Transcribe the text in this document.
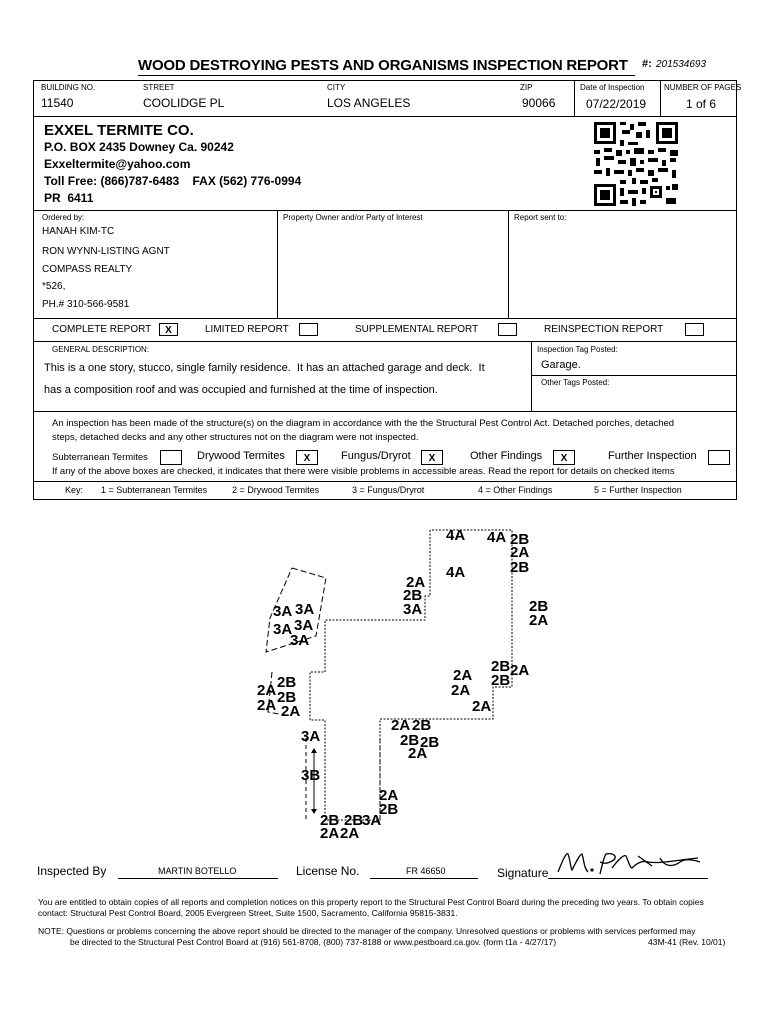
WOOD DESTROYING PESTS AND ORGANISMS INSPECTION REPORT #: 201534693
BUILDING NO.
11540
STREET
COOLIDGE PL
CITY
LOS ANGELES
ZIP
90066
Date of Inspection
07/22/2019
NUMBER OF PAGES
1 of 6
EXXEL TERMITE CO.
P.O. BOX 2435 Downey Ca. 90242
Exxeltermite@yahoo.com
Toll Free: (866)787-6483    FAX (562) 776-0994
PR  6411
Ordered by:
HANAH KIM-TC
RON WYNN-LISTING AGNT
COMPASS REALTY
*526,
PH.# 310-566-9581
Property Owner and/or Party of Interest	Report sent to:
COMPLETE REPORT	X	LIMITED REPORT	SUPPLEMENTAL REPORT	REINSPECTION REPORT
GENERAL DESCRIPTION:
This is a one story, stucco, single family residence.  It has an attached garage and deck.  It
has a composition roof and was occupied and furnished at the time of inspection.
Inspection Tag Posted:
Garage.
Other Tags Posted:
An inspection has been made of the structure(s) on the diagram in accordance with the the Structural Pest Control Act. Detached porches, detached
steps, detached decks and any other structures not on the diagram were not inspected.
Subterranean Termites	Drywood Termites	X	Fungus/Dryrot	X	Other Findings	X	Further Inspection
If any of the above boxes are checked, it indicates that there were visible problems in accessible areas. Read the report for details on checked items
Key: 1 = Subterranean Termites	2 = Drywood Termites	3 = Fungus/Dryrot	4 = Other Findings	5 = Further Inspection
4A 4A 2B
2A
2B
4A
2A
2B
3A
3A 3A
3A 3A
3A
2B
2A
2A
2B 2A
2B
2A
2B
2B
2A
2A	2A
2B
2A
2A
2B 2B
2A
3A
3B
2A
2B
2B 2B
3A
2A 2A
Inspected By	MARTIN BOTELLO	License No.	FR 46650	Signature
You are entitled to obtain copies of all reports and completion notices on this property report to the Structural Pest Control Board during the preceding two years. To obtain copies
contact: Structural Pest Control Board, 2005 Evergreen Street, Suite 1500, Sacramento, California 95815-3831.
NOTE: Questions or problems concerning the above report should be directed to the manager of the company. Unresolved questions or problems with services performed may
be directed to the Structural Pest Control Board at (916) 561-8708, (800) 737-8188 or www.pestboard.ca.gov. (form t1a - 4/27/17)	43M-41 (Rev. 10/01)
